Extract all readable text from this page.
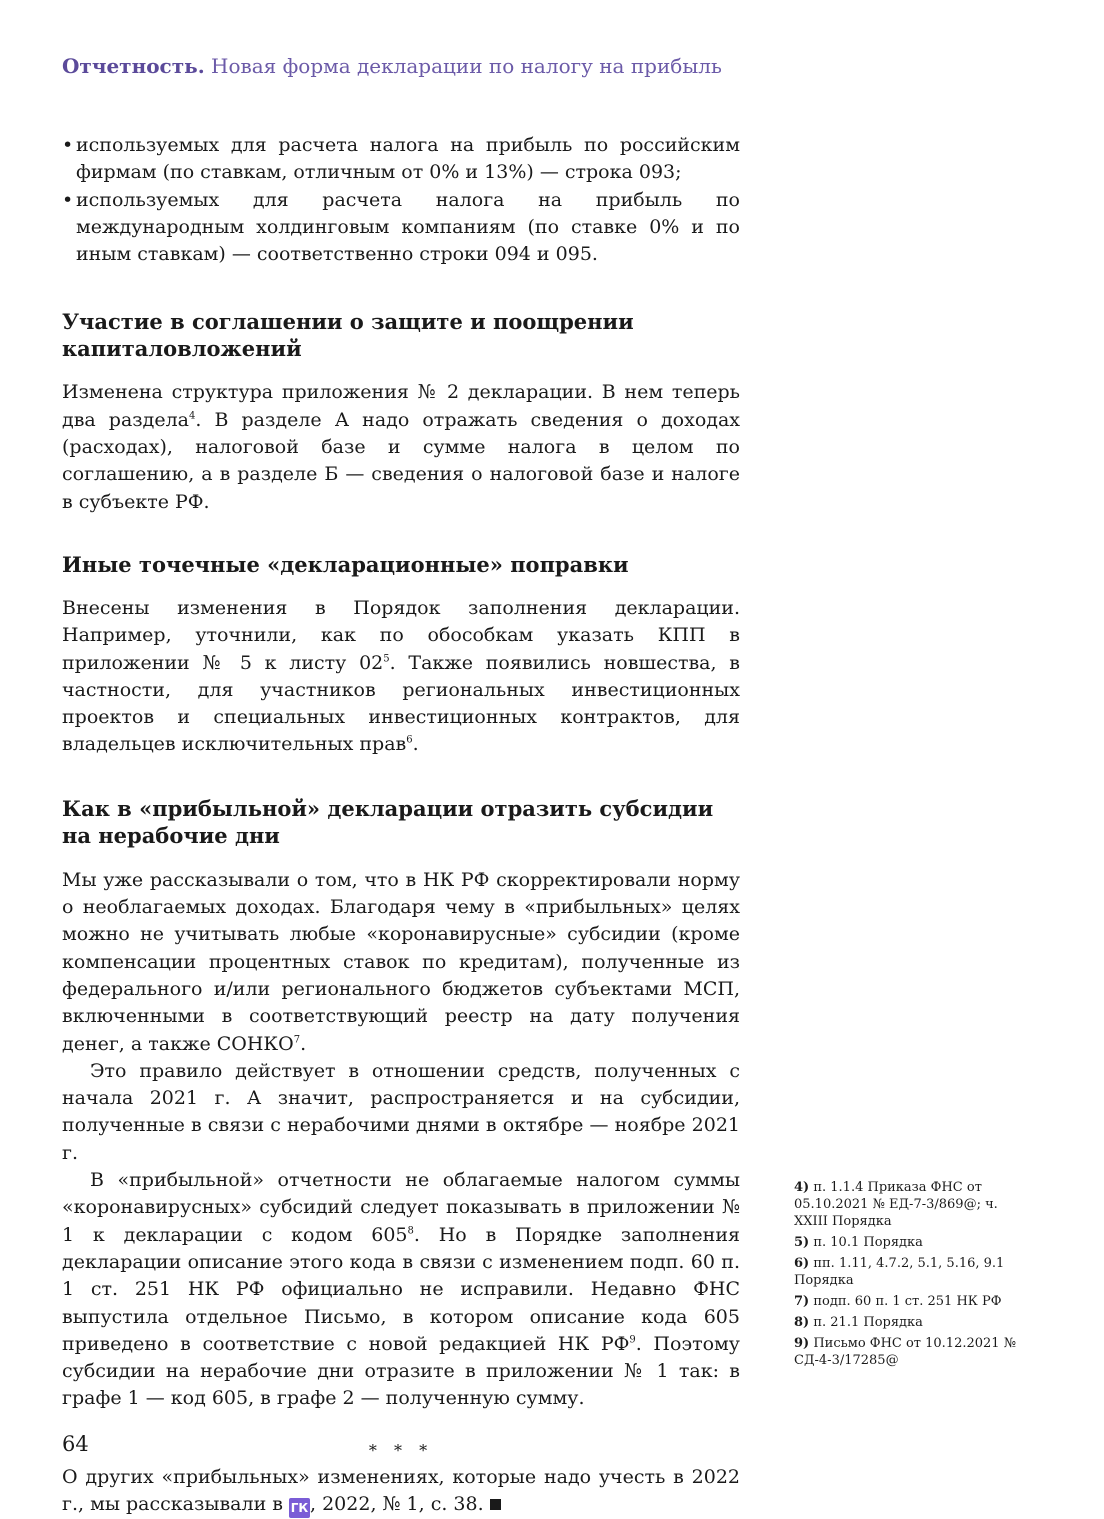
Отчетность. Новая форма декларации по налогу на прибыль
• используемых для расчета налога на прибыль по российским фирмам (по ставкам, отличным от 0% и 13%) — строка 093;
• используемых для расчета налога на прибыль по международным холдинговым компаниям (по ставке 0% и по иным ставкам) — соответственно строки 094 и 095.
Участие в соглашении о защите и поощрении капиталовложений

Изменена структура приложения № 2 декларации. В нем теперь два раздела$^4$. В разделе А надо отражать сведения о доходах (расходах), налоговой базе и сумме налога в целом по соглашению, а в разделе Б — сведения о налоговой базе и налоге в субъекте РФ.

Иные точечные «декларационные» поправки

Внесены изменения в Порядок заполнения декларации. Например, уточнили, как по обособкам указать КПП в приложении № 5 к листу $02^5$. Также появились новшества, в частности, для участников региональных инвестиционных проектов и специальных инвестиционных контрактов, для владельцев исключительных прав$^6$.

Как в «прибыльной» декларации отразить субсидии на нерабочие дни

Мы уже рассказывали о том, что в НК РФ скорректировали норму о необлагаемых доходах. Благодаря чему в «прибыльных» целях можно не учитывать любые «коронавирусные» субсидии (кроме компенсации процентных ставок по кредитам), полученные из федерального и/или регионального бюджетов субъектами МСП, включенными в соответствующий реестр на дату получения денег, а также СОНКО$^7$.

Это правило действует в отношении средств, полученных с начала 2021 г. А значит, распространяется и на субсидии, полученные в связи с нерабочими днями в октябре — ноябре 2021 г.

В «прибыльной» отчетности не облагаемые налогом суммы «коронавирусных» субсидий следует показывать в приложении № 1 к декларации с кодом $605^8$. Но в Порядке заполнения декларации описание этого кода в связи с изменением подп. 60 п. 1 ст. 251 НК РФ официально не исправили. Недавно ФНС выпустила отдельное Письмо, в котором описание кода 605 приведено в соответствие с новой редакцией НК $РФ^9$. Поэтому субсидии на нерабочие дни отразите в приложении № 1 так: в графе 1 — код 605, в графе 2 — полученную сумму.

* * *

О других «прибыльных» изменениях, которые надо учесть в 2022 г., мы рассказывали в ГК, 2022, № 1, с. 38.

4) п. 1.1.4 Приказа ФНС от 05.10.2021 № ЕД-7-3/869@; ч. XXIII Порядка
5) п. 10.1 Порядка
6) пп. 1.11, 4.7.2, 5.1, 5.16, 9.1 Порядка
7) подп. 60 п. 1 ст. 251 НК РФ
8) п. 21.1 Порядка
9) Письмо ФНС от 10.12.2021 № СД-4-3/17285@
64
